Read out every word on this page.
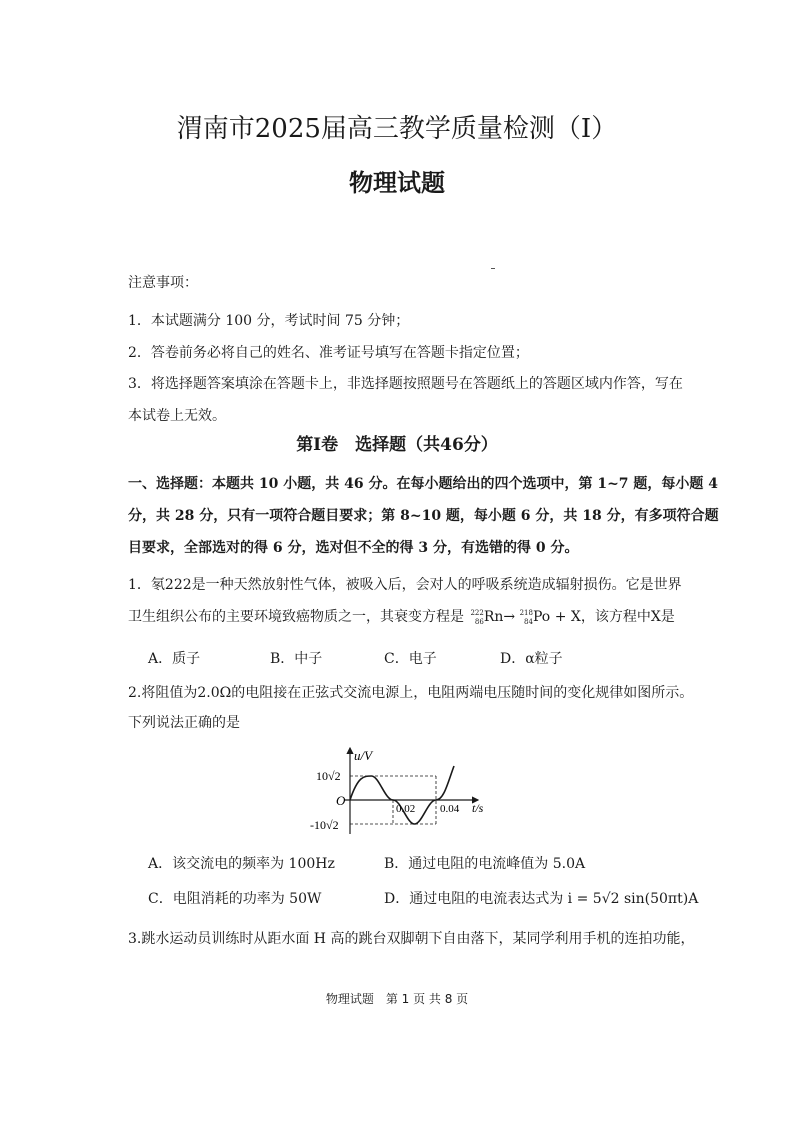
渭南市2025届高三教学质量检测（I）
物理试题
注意事项：
1．本试题满分 100 分，考试时间 75 分钟；
2．答卷前务必将自己的姓名、准考证号填写在答题卡指定位置；
3．将选择题答案填涂在答题卡上，非选择题按照题号在答题纸上的答题区域内作答，写在
本试卷上无效。
第Ⅰ卷　选择题（共46分）
一、选择题：本题共 10 小题，共 46 分。在每小题给出的四个选项中，第 1~7 题，每小题 4
分，共 28 分，只有一项符合题目要求；第 8~10 题，每小题 6 分，共 18 分，有多项符合题
目要求，全部选对的得 6 分，选对但不全的得 3 分，有选错的得 0 分。
1．氡222是一种天然放射性气体，被吸入后，会对人的呼吸系统造成辐射损伤。它是世界
卫生组织公布的主要环境致癌物质之一，其衰变方程是 222
86Rn→ 218
84Po + X，该方程中X是
A．质子	B．中子	C．电子	D．α粒子
2.将阻值为2.0Ω的电阻接在正弦式交流电源上，电阻两端电压随时间的变化规律如图所示。
下列说法正确的是
u/V
10√2
O
0.02 0.04 t/s
-10√2
A．该交流电的频率为 100Hz	B．通过电阻的电流峰值为 5.0A
C．电阻消耗的功率为 50W	D．通过电阻的电流表达式为 i = 5√2 sin(50πt)A
3.跳水运动员训练时从距水面 H 高的跳台双脚朝下自由落下，某同学利用手机的连拍功能，
物理试题　第 1 页 共 8 页
